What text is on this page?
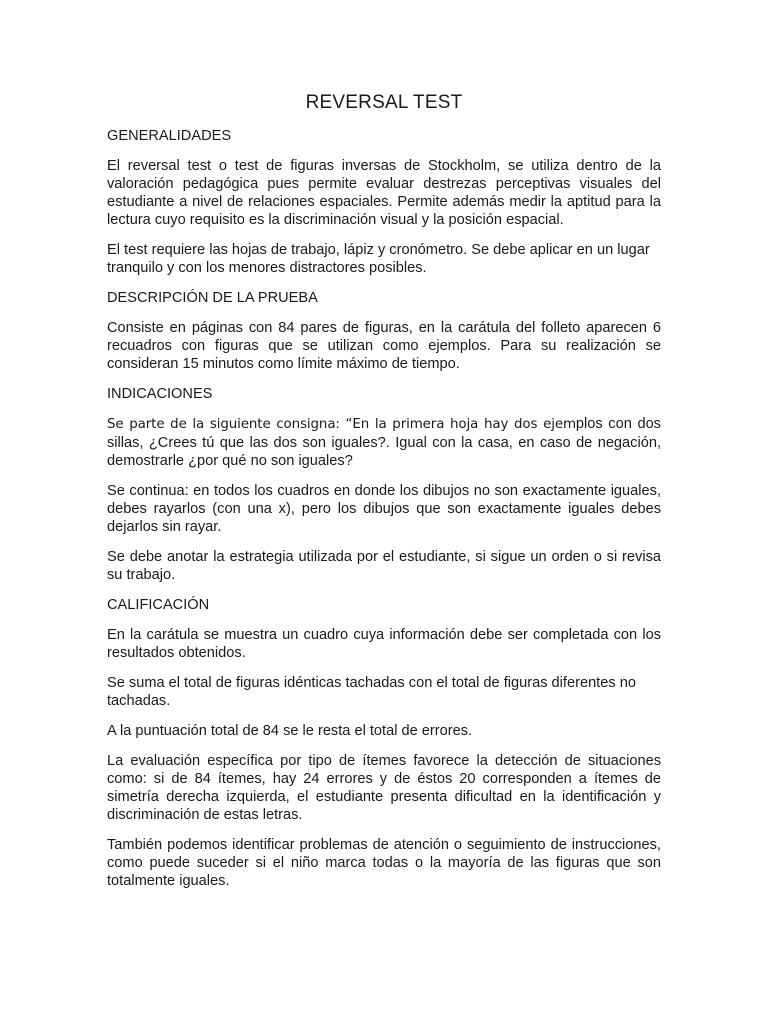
REVERSAL TEST

GENERALIDADES

El reversal test o test de figuras inversas de Stockholm, se utiliza dentro de la valoración pedagógica pues permite evaluar destrezas perceptivas visuales del estudiante a nivel de relaciones espaciales. Permite además medir la aptitud para la lectura cuyo requisito es la discriminación visual y la posición espacial.

El test requiere las hojas de trabajo, lápiz y cronómetro. Se debe aplicar en un lugar tranquilo y con los menores distractores posibles.

DESCRIPCIÓN DE LA PRUEBA

Consiste en páginas con 84 pares de figuras, en la carátula del folleto aparecen 6 recuadros con figuras que se utilizan como ejemplos. Para su realización se consideran 15 minutos como límite máximo de tiempo.

INDICACIONES

Se parte de la siguiente consigna: “En la primera hoja hay dos ejemplos con dos sillas, ¿Crees tú que las dos son iguales?. Igual con la casa, en caso de negación, demostrarle ¿por qué no son iguales?

Se continua: en todos los cuadros en donde los dibujos no son exactamente iguales, debes rayarlos (con una x), pero los dibujos que son exactamente iguales debes dejarlos sin rayar.

Se debe anotar la estrategia utilizada por el estudiante, si sigue un orden o si revisa su trabajo.

CALIFICACIÓN

En la carátula se muestra un cuadro cuya información debe ser completada con los resultados obtenidos.

Se suma el total de figuras idénticas tachadas con el total de figuras diferentes no tachadas.

A la puntuación total de 84 se le resta el total de errores.

La evaluación específica por tipo de ítemes favorece la detección de situaciones como: si de 84 ítemes, hay 24 errores y de éstos 20 corresponden a ítemes de simetría derecha izquierda, el estudiante presenta dificultad en la identificación y discriminación de estas letras.

También podemos identificar problemas de atención o seguimiento de instrucciones, como puede suceder si el niño marca todas o la mayoría de las figuras que son totalmente iguales.
